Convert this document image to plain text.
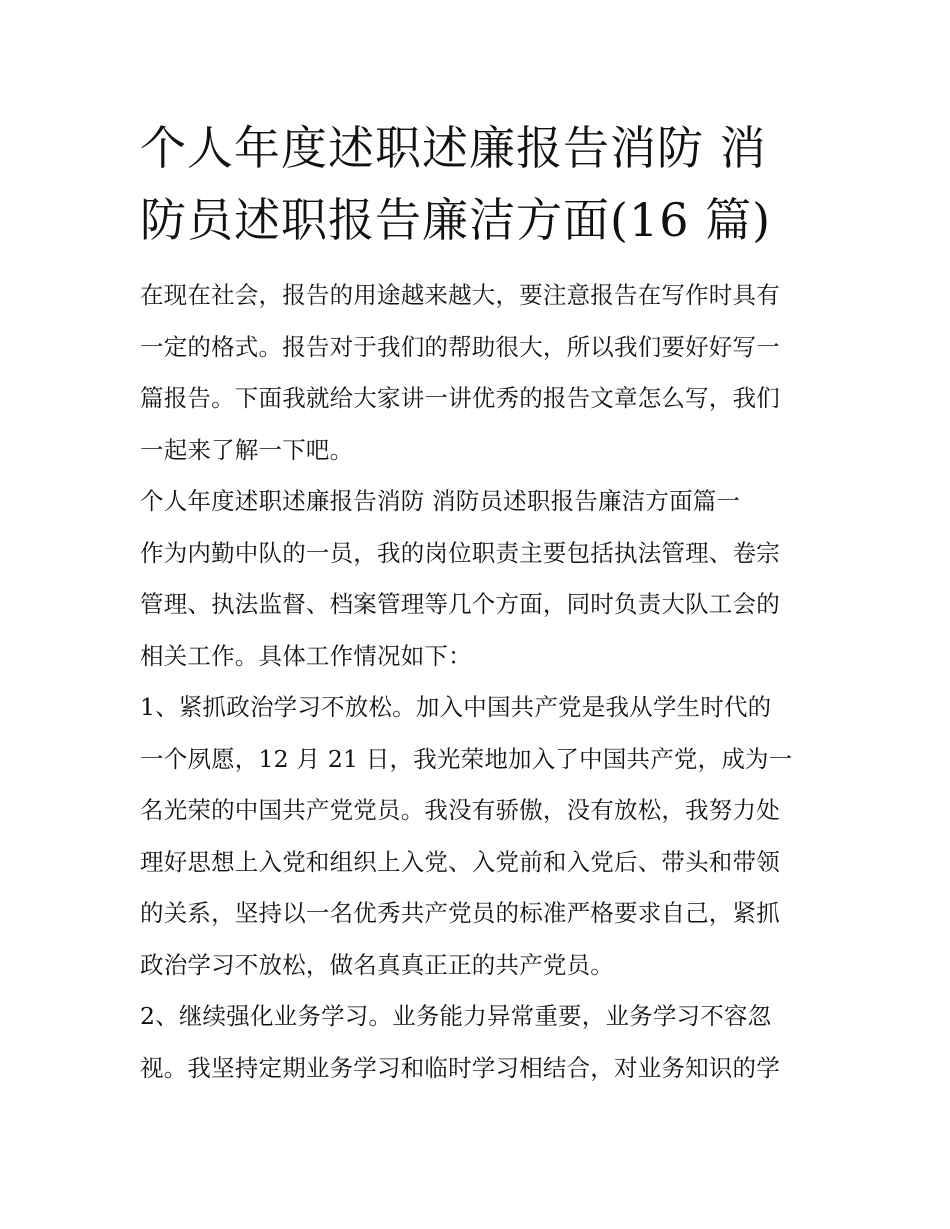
个人年度述职述廉报告消防 消
防员述职报告廉洁方面(16 篇)
在现在社会，报告的用途越来越大，要注意报告在写作时具有
一定的格式。报告对于我们的帮助很大，所以我们要好好写一
篇报告。下面我就给大家讲一讲优秀的报告文章怎么写，我们
一起来了解一下吧。
个人年度述职述廉报告消防 消防员述职报告廉洁方面篇一
作为内勤中队的一员，我的岗位职责主要包括执法管理、卷宗
管理、执法监督、档案管理等几个方面，同时负责大队工会的
相关工作。具体工作情况如下：
1、紧抓政治学习不放松。加入中国共产党是我从学生时代的
一个夙愿，12 月 21 日，我光荣地加入了中国共产党，成为一
名光荣的中国共产党党员。我没有骄傲，没有放松，我努力处
理好思想上入党和组织上入党、入党前和入党后、带头和带领
的关系，坚持以一名优秀共产党员的标准严格要求自己，紧抓
政治学习不放松，做名真真正正的共产党员。
2、继续强化业务学习。业务能力异常重要，业务学习不容忽
视。我坚持定期业务学习和临时学习相结合，对业务知识的学
